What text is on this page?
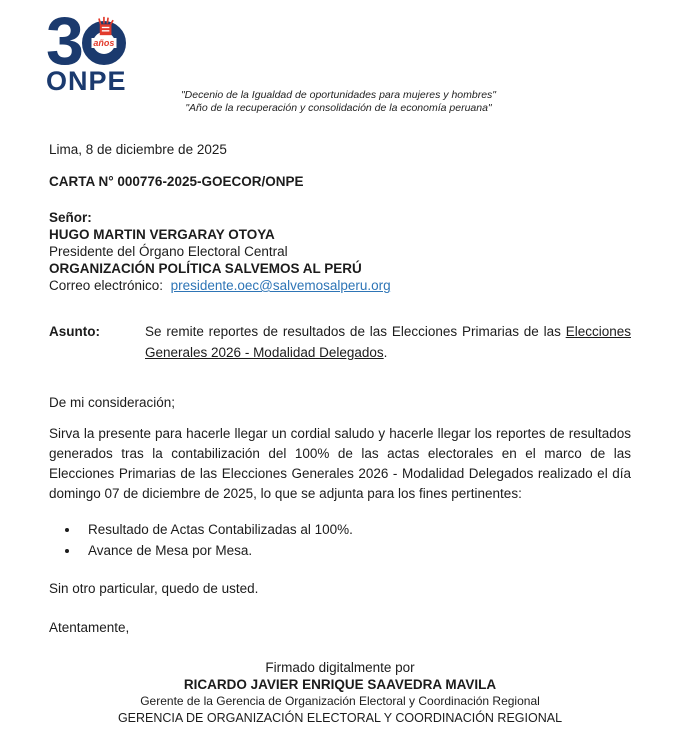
3 años
ONPE	"Decenio de la Igualdad de oportunidades para mujeres y hombres"
"Año de la recuperación y consolidación de la economía peruana"

Lima, 8 de diciembre de 2025

CARTA N° 000776-2025-GOECOR/ONPE

Señor:
HUGO MARTIN VERGARAY OTOYA
Presidente del Órgano Electoral Central
ORGANIZACIÓN POLÍTICA SALVEMOS AL PERÚ
Correo electrónico: presidente.oec@salvemosalperu.org
Asunto:	Se remite reportes de resultados de las Elecciones Primarias de las Elecciones Generales 2026 - Modalidad Delegados.

De mi consideración;

Sirva la presente para hacerle llegar un cordial saludo y hacerle llegar los reportes de resultados generados tras la contabilización del 100% de las actas electorales en el marco de las Elecciones Primarias de las Elecciones Generales 2026 - Modalidad Delegados realizado el día domingo 07 de diciembre de 2025, lo que se adjunta para los fines pertinentes:

• Resultado de Actas Contabilizadas al 100%.
• Avance de Mesa por Mesa.

Sin otro particular, quedo de usted.

Atentamente,

Firmado digitalmente por
RICARDO JAVIER ENRIQUE SAAVEDRA MAVILA
Gerente de la Gerencia de Organización Electoral y Coordinación Regional
GERENCIA DE ORGANIZACIÓN ELECTORAL Y COORDINACIÓN REGIONAL
